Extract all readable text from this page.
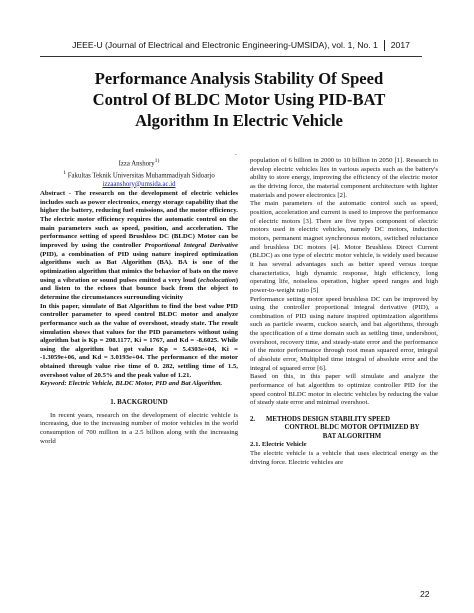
JEEE-U (Journal of Electrical and Electronic Engineering-UMSIDA), vol. 1, No. 1 2017
Performance Analysis Stability Of Speed
Control Of BLDC Motor Using PID-BAT
Algorithm In Electric Vehicle
.
Izza Anshory$^{1)}$
$^1$ Fakultas Teknik Universitas Muhammadiyah Sidoarjo
izzaanshory@umsida.ac.id

Abstract - The research on the development of electric vehicles includes such as power electronics, energy storage capability that the higher the battery, reducing fuel emissions, and the motor efficiency. The electric motor efficiency requires the automatic control on the main parameters such as speed, position, and acceleration. The performance setting of speed Brushless DC (BLDC) Motor can be improved by using the controller Proportional Integral Derivative (PID), a combination of PID using nature inspired optimization algorithms such as Bat Algorithm (BA). BA is one of the optimization algorithm that mimics the behavior of bats on the move using a vibration or sound pulses emitted a very loud (echolocation) and listen to the echoes that bounce back from the object to determine the circumstances surrounding vicinity

In this paper, simulate of Bat Algorithm to find the best value PID controller parameter to speed control BLDC motor and analyze performance such as the value of overshoot, steady state. The result simulation shows that values for the PID parameters without using algorithm bat is Kp = 208.1177, Ki = 1767, and Kd = -8.6025. While using the algorithm bat got value Kp = 5.4303e+04, Ki = -1.3059e+06, and Kd = 3.0193e+04. The performance of the motor obtained through value rise time of 0. 282, settling time of 1.5, overshoot value of 20.5% and the peak value of 1.21.

Keyword: Electric Vehicle, BLDC Motor, PID and Bat Algorithm.

1. BACKGROUND

In recent years, research on the development of electric vehicle is increasing, due to the increasing number of motor vehicles in the world consumption of 700 million in a 2.5 billion along with the increasing world

population of 6 billion in 2000 to 10 billion in 2050 [1]. Research to develop electric vehicles lies in various aspects such as the battery's ability to store energy, improving the efficiency of the electric motor as the driving force, the material component architecture with lighter materials and power electronics [2].

The main parameters of the automatic control such as speed, position, acceleration and current is used to improve the performance of electric motors [3]. There are five types component of electric motors used in electric vehicles, namely DC motors, induction motors, permanent magnet synchronous motors, switched reluctance and brushless DC motors [4]. Motor Brushless Direct Current (BLDC) as one type of electric motor vehicle, is widely used because it has several advantages such as better speed versus torque characteristics, high dynamic response, high efficiency, long operating life, noiseless operation, higher speed ranges and high power-to-weight ratio [5]

Performance setting motor speed brushless DC can be improved by using the controller proportional integral derivative (PID), a combination of PID using nature inspired optimization algorithms such as particle swarm, cuckoo search, and bat algorithms, through the specification of a time domain such as settling time, undershoot, overshoot, recovery time, and steady-state error and the performance of the motor performance through root mean squared error, integral of absolute error, Multiplied time integral of absolute error and the integral of squared error [6].

Based on this, in this paper will simulate and analyze the performance of bat algorithm to optimize controller PID for the speed control BLDC motor in electric vehicles by reducing the value of steady state error and minimal overshoot.

2. METHODS DESIGN STABILITY SPEED
CONTROL BLDC MOTOR OPTIMIZED BY
BAT ALGORITHM

2.1. Electric Vehicle

The electric vehicle is a vehicle that uses electrical energy as the driving force. Electric vehicles are

22
